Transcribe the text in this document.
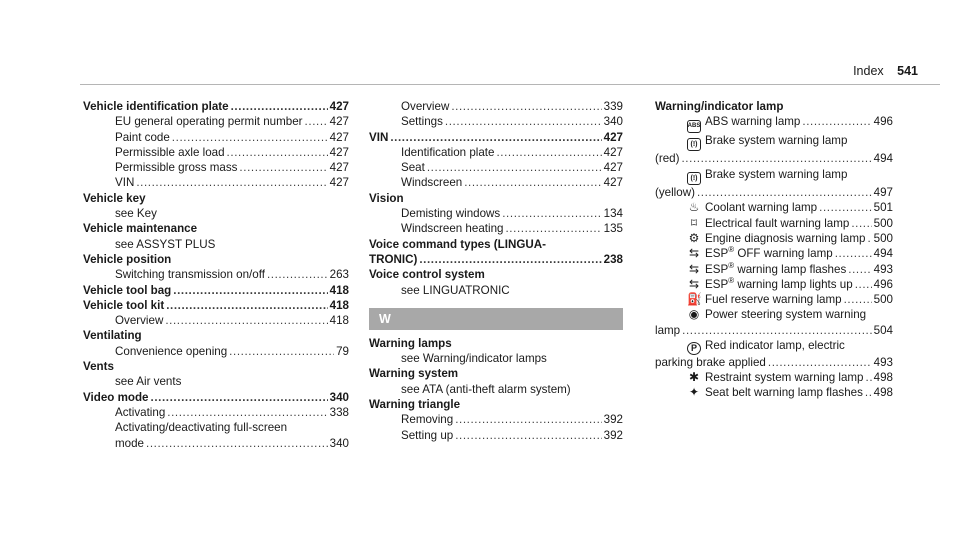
Index 541
Vehicle identification plate .....	427
EU general operating permit number ..... 427
Paint code .....	427
Permissible axle load .....	427
Permissible gross mass .....	427
VIN .....	427
Vehicle key
see Key
Vehicle maintenance
see ASSYST PLUS
Vehicle position
Switching transmission on/off .....	263
Vehicle tool bag .....	418
Vehicle tool kit .....	418
Overview .....	418
Ventilating
Convenience opening .....	79
Vents
see Air vents
Video mode .....	340
Activating .....	338
Activating/deactivating full-screen
mode .....	340
Overview .....	339
Settings .....	340
VIN .....	427
Identification plate .....	427
Seat .....	427
Windscreen .....	427
Vision
Demisting windows .....	134
Windscreen heating .....	135
Voice command types (LINGUA-
TRONIC) .....	238
Voice control system
see LINGUATRONIC
W
Warning lamps
see Warning/indicator lamps
Warning system
see ATA (anti-theft alarm system)
Warning triangle
Removing .....	392
Setting up .....	392
Warning/indicator lamp
ABS ABS warning lamp .....	496
(!) Brake system warning lamp
(red) .....	494
(!) Brake system warning lamp
(yellow) .....	497
♨ Coolant warning lamp .....	501
⌑ Electrical fault warning lamp ..... 500
⚙ Engine diagnosis warning lamp ..... 500
⇆ ESP® OFF warning lamp .....	494
⇆ ESP® warning lamp flashes ..... 493
⇆ ESP® warning lamp lights up ..... 496
⛽ Fuel reserve warning lamp .....	500
◉ Power steering system warning
lamp .....	504
P Red indicator lamp, electric
parking brake applied .....	493
✱ Restraint system warning lamp ..... 498
✦ Seat belt warning lamp flashes ..... 498
